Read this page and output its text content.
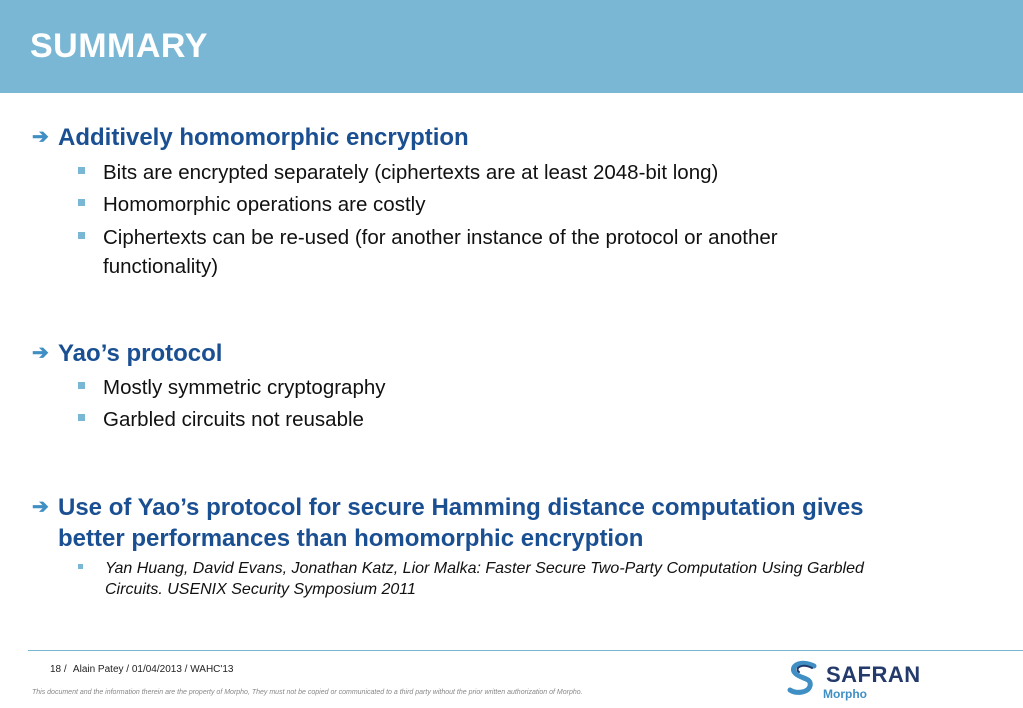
SUMMARY
➔ Additively homomorphic encryption
Bits are encrypted separately (ciphertexts are at least 2048-bit long)
Homomorphic operations are costly
Ciphertexts can be re-used (for another instance of the protocol or another
functionality)
➔ Yao’s protocol
Mostly symmetric cryptography
Garbled circuits not reusable
➔ Use of Yao’s protocol for secure Hamming distance computation gives
better performances than homomorphic encryption
Yan Huang, David Evans, Jonathan Katz, Lior Malka: Faster Secure Two-Party Computation Using Garbled
Circuits. USENIX Security Symposium 2011
18 / Alain Patey / 01/04/2013 / WAHC'13
This document and the information therein are the property of Morpho, They must not be copied or communicated to a third party without the prior written authorization of Morpho.
SAFRAN
Morpho
